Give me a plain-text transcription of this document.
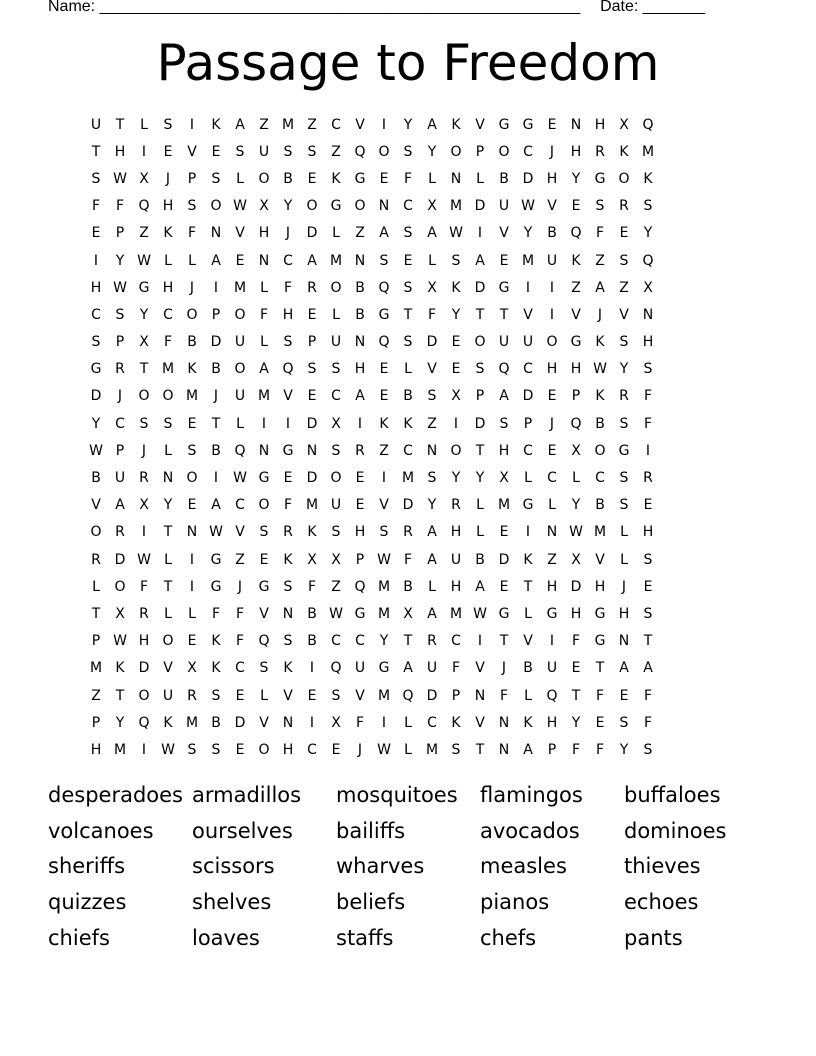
Name: ______________________________________________________ Date: _______
Passage to Freedom
U	T	L	S	I	K	A	Z M Z	C	V	I	Y	A	K	V G G	E	N H X Q
T	H	I	E	V	E	S	U	S	S	Z Q O	S	Y	O	P	O C	J	H R	K M
S W X	J	P	S	L	O B	E	K G	E	F	L	N	L	B D H	Y	G O K
F	F	Q H	S	O W X	Y	O G O N C	X M D U W V	E	S	R	S
E	P	Z	K	F	N V H	J	D	L	Z	A	S	A W	I	V	Y	B Q	F	E	Y
I	Y W L	L	A	E	N C	A M N	S	E	L	S	A	E M U	K	Z	S	Q
H W G H	J	I	M	L	F	R O B Q	S	X	K	D G	I	I	Z	A	Z	X
C	S	Y	C O	P	O	F	H	E	L	B G	T	F	Y	T	T	V	I	V	J	V N
S	P	X	F	B D U	L	S	P	U N Q	S	D	E	O U U O G K	S	H
G R	T M K	B O A Q	S	S	H	E	L	V	E	S	Q C H H W Y	S
D	J	O O M	J	U M V	E	C	A	E	B	S	X	P	A D	E	P	K	R	F
Y	C	S	S	E	T	L	I	I	D X	I	K	K	Z	I	D	S	P	J	Q B	S	F
W P	J	L	S	B Q N G N	S	R	Z	C N O	T	H C	E	X O G	I
B	U	R N O	I	W G	E	D O	E	I	M S	Y	Y	X	L	C	L	C	S	R
V	A	X	Y	E	A	C O	F M U	E	V D	Y	R	L	M G	L	Y	B	S	E
O R	I	T	N W V	S	R	K	S	H	S	R	A H	L	E	I	N W M	L	H
R D W L	I	G Z	E	K	X	X	P W F	A	U	B D	K	Z	X	V	L	S
L	O	F	T	I	G	J	G	S	F	Z Q M B	L	H A	E	T	H D H	J	E
T	X	R	L	L	F	F	V N B W G M X	A M W G	L	G H G H	S
P W H O	E	K	F	Q	S	B	C	C	Y	T	R	C	I	T	V	I	F	G N	T
M K	D V	X	K	C	S	K	I	Q U G A	U	F	V	J	B	U	E	T	A	A
Z	T	O U	R	S	E	L	V	E	S	V M Q D	P	N	F	L	Q	T	F	E	F
P	Y	Q K M B D V N	I	X	F	I	L	C	K	V N	K	H	Y	E	S	F
H M	I	W S	S	E	O H C	E	J	W L	M S	T	N A	P	F	F	Y	S
desperadoes armadillos	mosquitoes	flamingos	buffaloes
volcanoes	ourselves	bailiffs	avocados	dominoes
sheriffs	scissors	wharves	measles	thieves
quizzes	shelves	beliefs	pianos	echoes
chiefs	loaves	staffs	chefs	pants
